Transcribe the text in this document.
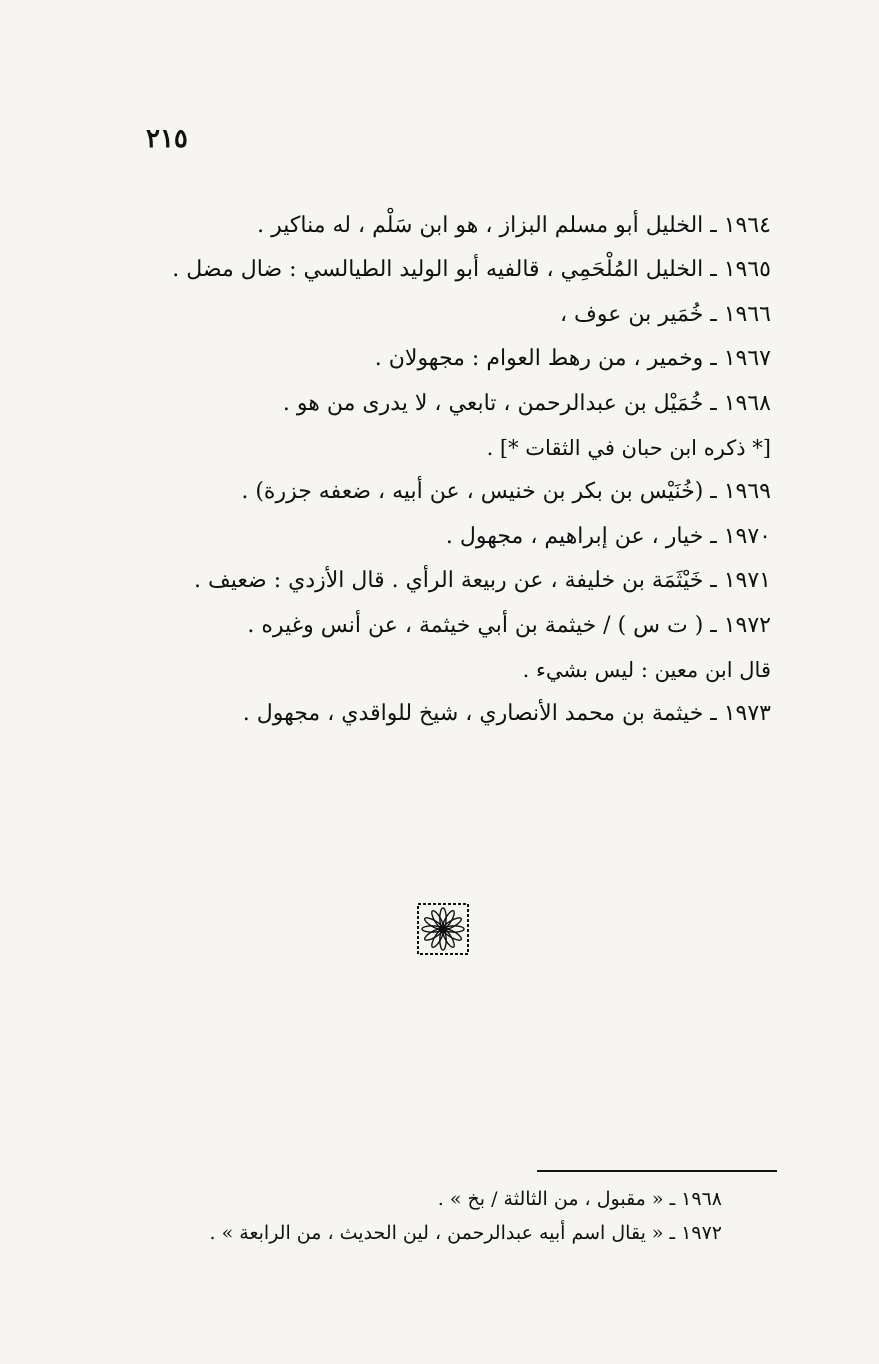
٢١٥
١٩٦٤ ـ الخليل أبو مسلم البزاز ، هو ابن سَلْم ، له مناكير .
١٩٦٥ ـ الخليل المُلْحَمِي ، قالفيه أبو الوليد الطيالسي : ضال مضل .
١٩٦٦ ـ خُمَير بن عوف ،
١٩٦٧ ـ وخمير ، من رهط العوام : مجهولان .
١٩٦٨ ـ خُمَيْل بن عبدالرحمن ، تابعي ، لا يدرى من هو .
[* ذكره ابن حبان في الثقات *] .
١٩٦٩ ـ (خُنَيْس بن بكر بن خنيس ، عن أبيه ، ضعفه جزرة) .
١٩٧٠ ـ خيار ، عن إبراهيم ، مجهول .
١٩٧١ ـ خَيْثَمَة بن خليفة ، عن ربيعة الرأي . قال الأزدي : ضعيف .
١٩٧٢ ـ ( ت س ) / خيثمة بن أبي خيثمة ، عن أنس وغيره .
قال ابن معين : ليس بشيء .
١٩٧٣ ـ خيثمة بن محمد الأنصاري ، شيخ للواقدي ، مجهول .
١٩٦٨ ـ « مقبول ، من الثالثة / بخ » .
١٩٧٢ ـ « يقال اسم أبيه عبدالرحمن ، لين الحديث ، من الرابعة » .
